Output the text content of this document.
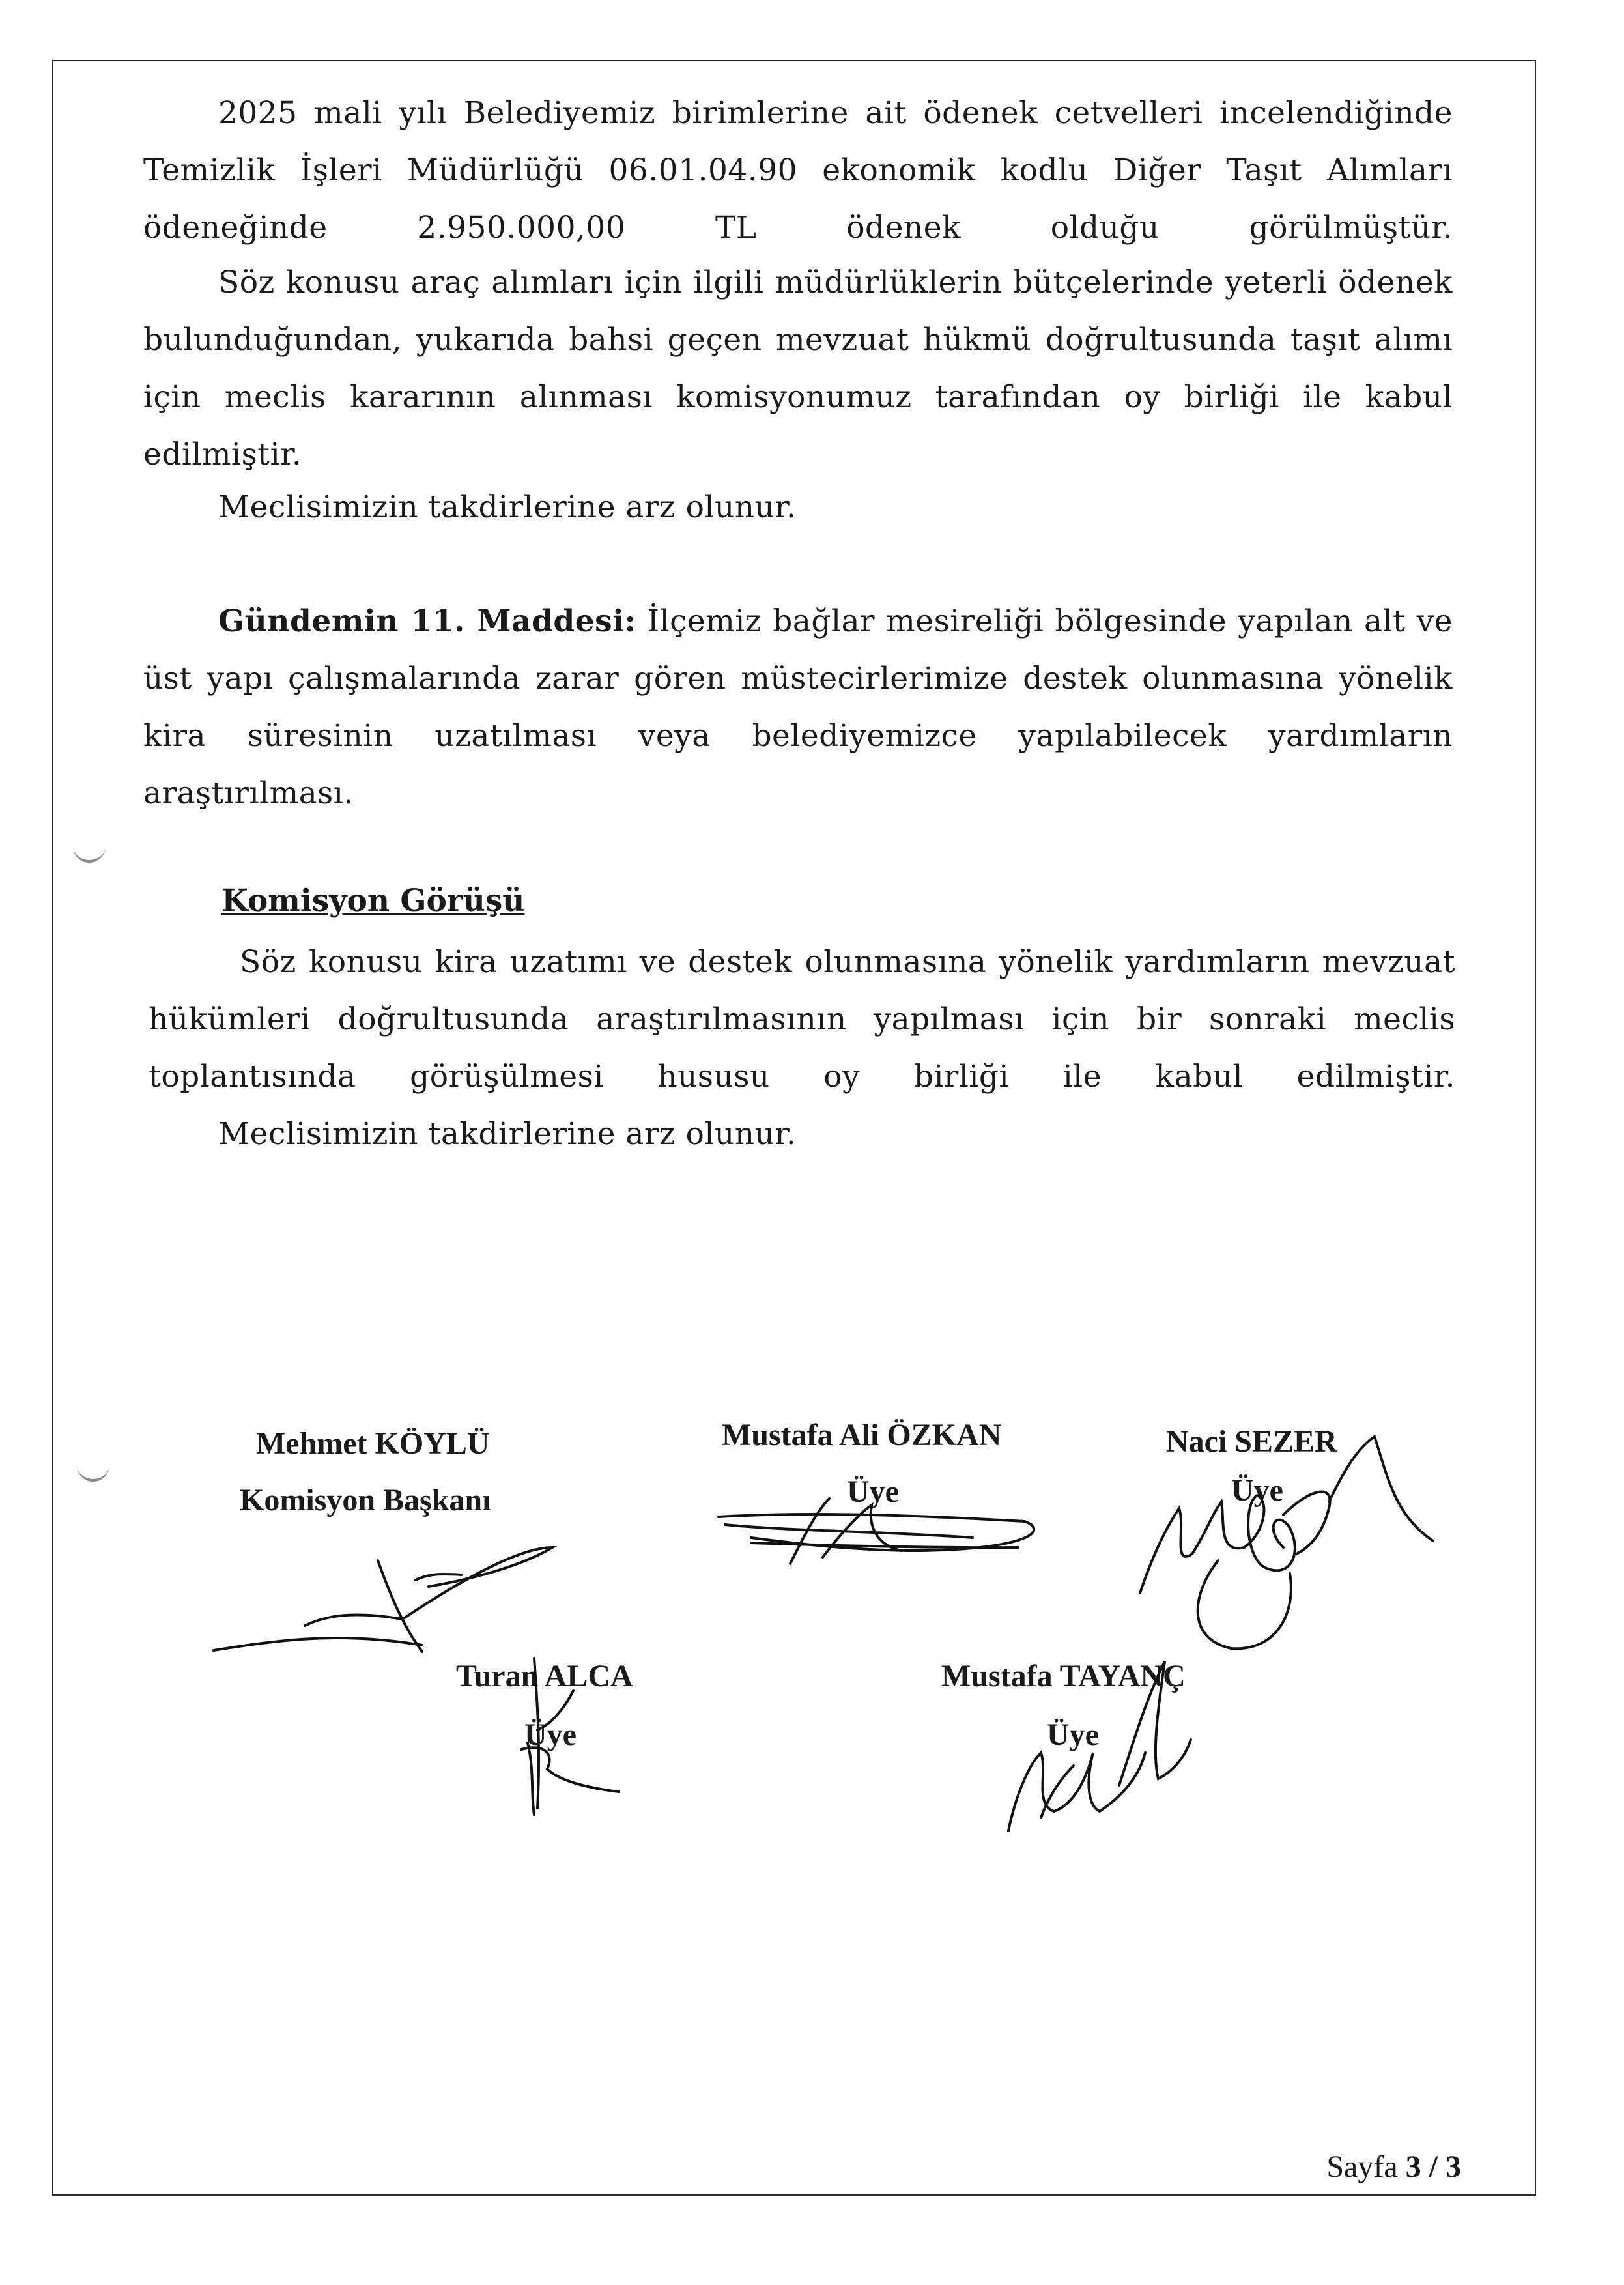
2025 mali yılı Belediyemiz birimlerine ait ödenek cetvelleri incelendiğinde Temizlik İşleri Müdürlüğü 06.01.04.90 ekonomik kodlu Diğer Taşıt Alımları ödeneğinde 2.950.000,00 TL ödenek olduğu görülmüştür.
Söz konusu araç alımları için ilgili müdürlüklerin bütçelerinde yeterli ödenek bulunduğundan, yukarıda bahsi geçen mevzuat hükmü doğrultusunda taşıt alımı için meclis kararının alınması komisyonumuz tarafından oy birliği ile kabul edilmiştir.
Meclisimizin takdirlerine arz olunur.
Gündemin 11. Maddesi: İlçemiz bağlar mesireliği bölgesinde yapılan alt ve üst yapı çalışmalarında zarar gören müstecirlerimize destek olunmasına yönelik kira süresinin uzatılması veya belediyemizce yapılabilecek yardımların araştırılması.
Komisyon Görüşü
Söz konusu kira uzatımı ve destek olunmasına yönelik yardımların mevzuat hükümleri doğrultusunda araştırılmasının yapılması için bir sonraki meclis toplantısında görüşülmesi hususu oy birliği ile kabul edilmiştir.
Meclisimizin takdirlerine arz olunur.
Mehmet KÖYLÜ
Komisyon Başkanı
Mustafa Ali ÖZKAN
Üye
Naci SEZER
Üye
Turan ALCA
Üye
Mustafa TAYANÇ
Üye
Sayfa 3 / 3
